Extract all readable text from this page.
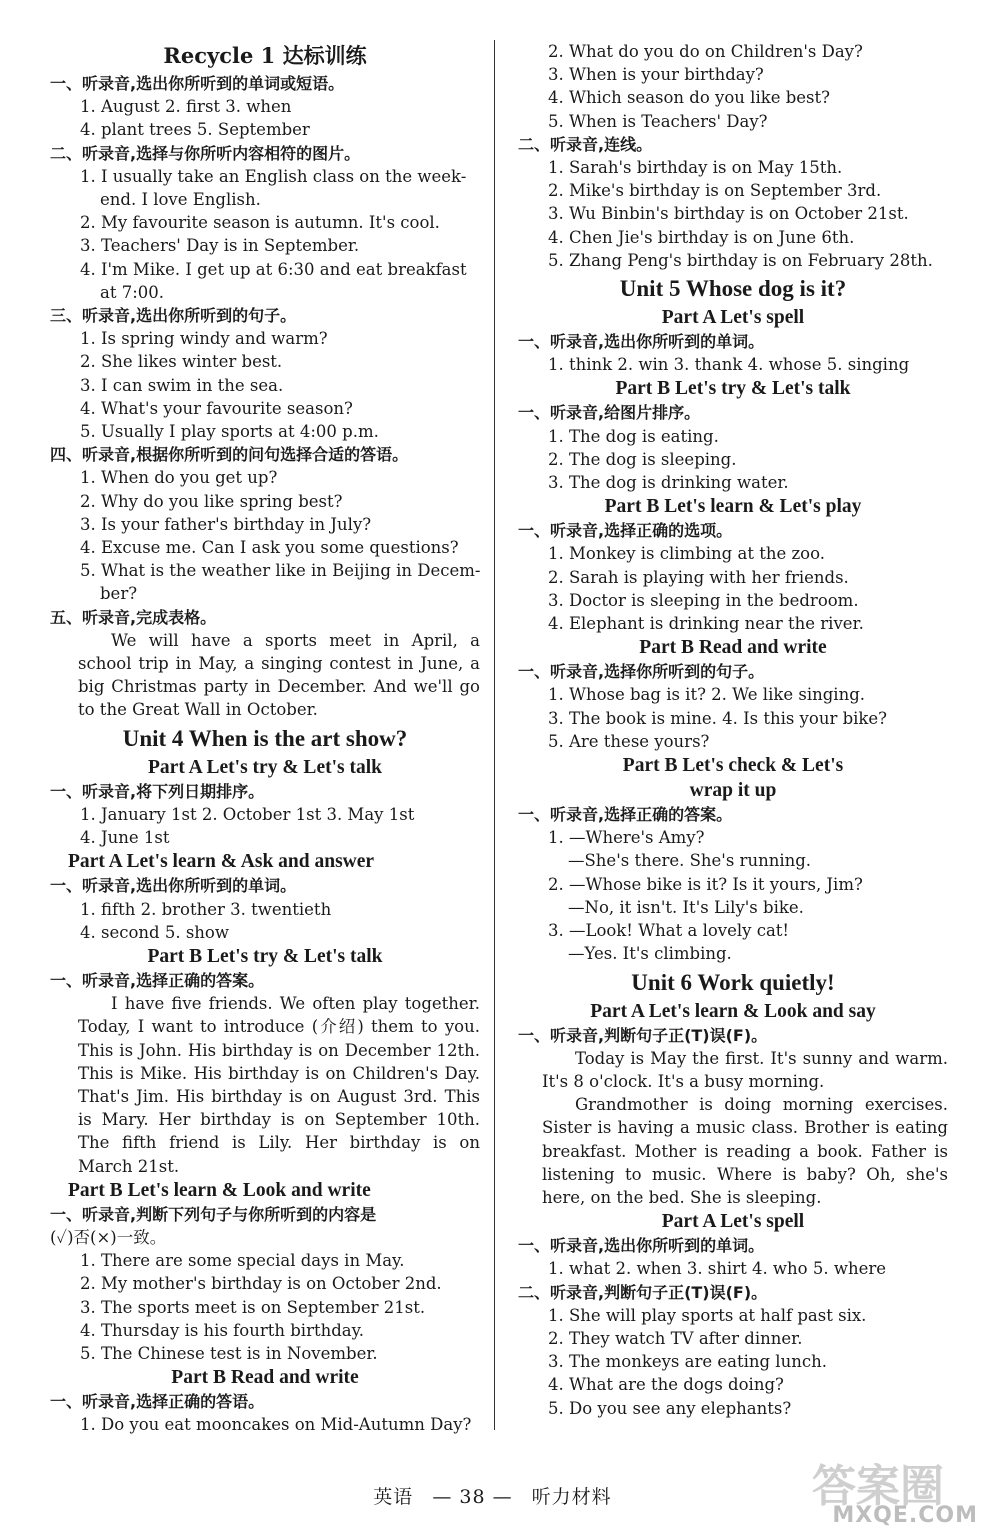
Recycle 1 达标训练
一、听录音,选出你所听到的单词或短语。
1. August 2. first 3. when
4. plant trees 5. September
二、听录音,选择与你所听内容相符的图片。
1. I usually take an English class on the week-
end. I love English.
2. My favourite season is autumn. It's cool.
3. Teachers' Day is in September.
4. I'm Mike. I get up at 6:30 and eat breakfast
at 7:00.
三、听录音,选出你所听到的句子。
1. Is spring windy and warm?
2. She likes winter best.
3. I can swim in the sea.
4. What's your favourite season?
5. Usually I play sports at 4:00 p.m.
四、听录音,根据你所听到的问句选择合适的答语。
1. When do you get up?
2. Why do you like spring best?
3. Is your father's birthday in July?
4. Excuse me. Can I ask you some questions?
5. What is the weather like in Beijing in Decem-
ber?
五、听录音,完成表格。
We will have a sports meet in April, a school trip in May, a singing contest in June, a big Christmas party in December. And we'll go to the Great Wall in October.
Unit 4 When is the art show?
Part A Let's try & Let's talk
一、听录音,将下列日期排序。
1. January 1st 2. October 1st 3. May 1st
4. June 1st
Part A Let's learn & Ask and answer
一、听录音,选出你所听到的单词。
1. fifth 2. brother 3. twentieth
4. second 5. show
Part B Let's try & Let's talk
一、听录音,选择正确的答案。
I have five friends. We often play together. Today, I want to introduce (介绍) them to you. This is John. His birthday is on December 12th. This is Mike. His birthday is on Children's Day. That's Jim. His birthday is on August 3rd. This is Mary. Her birthday is on September 10th. The fifth friend is Lily. Her birthday is on March 21st.
Part B Let's learn & Look and write
一、听录音,判断下列句子与你所听到的内容是
(✓)否(×)一致。
1. There are some special days in May.
2. My mother's birthday is on October 2nd.
3. The sports meet is on September 21st.
4. Thursday is his fourth birthday.
5. The Chinese test is in November.
Part B Read and write
一、听录音,选择正确的答语。
1. Do you eat mooncakes on Mid-Autumn Day?
2. What do you do on Children's Day?
3. When is your birthday?
4. Which season do you like best?
5. When is Teachers' Day?
二、听录音,连线。
1. Sarah's birthday is on May 15th.
2. Mike's birthday is on September 3rd.
3. Wu Binbin's birthday is on October 21st.
4. Chen Jie's birthday is on June 6th.
5. Zhang Peng's birthday is on February 28th.
Unit 5 Whose dog is it?
Part A Let's spell
一、听录音,选出你所听到的单词。
1. think 2. win 3. thank 4. whose 5. singing
Part B Let's try & Let's talk
一、听录音,给图片排序。
1. The dog is eating.
2. The dog is sleeping.
3. The dog is drinking water.
Part B Let's learn & Let's play
一、听录音,选择正确的选项。
1. Monkey is climbing at the zoo.
2. Sarah is playing with her friends.
3. Doctor is sleeping in the bedroom.
4. Elephant is drinking near the river.
Part B Read and write
一、听录音,选择你所听到的句子。
1. Whose bag is it? 2. We like singing.
3. The book is mine. 4. Is this your bike?
5. Are these yours?
Part B Let's check & Let's
wrap it up
一、听录音,选择正确的答案。
1. —Where's Amy?
—She's there. She's running.
2. —Whose bike is it? Is it yours, Jim?
—No, it isn't. It's Lily's bike.
3. —Look! What a lovely cat!
—Yes. It's climbing.
Unit 6 Work quietly!
Part A Let's learn & Look and say
一、听录音,判断句子正(T)误(F)。
Today is May the first. It's sunny and warm. It's 8 o'clock. It's a busy morning.
Grandmother is doing morning exercises. Sister is having a music class. Brother is eating breakfast. Mother is reading a book. Father is listening to music. Where is baby? Oh, she's here, on the bed. She is sleeping.
Part A Let's spell
一、听录音,选出你所听到的单词。
1. what 2. when 3. shirt 4. who 5. where
二、听录音,判断句子正(T)误(F)。
1. She will play sports at half past six.
2. They watch TV after dinner.
3. The monkeys are eating lunch.
4. What are the dogs doing?
5. Do you see any elephants?
英语 — 38 — 听力材料	答案圈
MXQE.COM
